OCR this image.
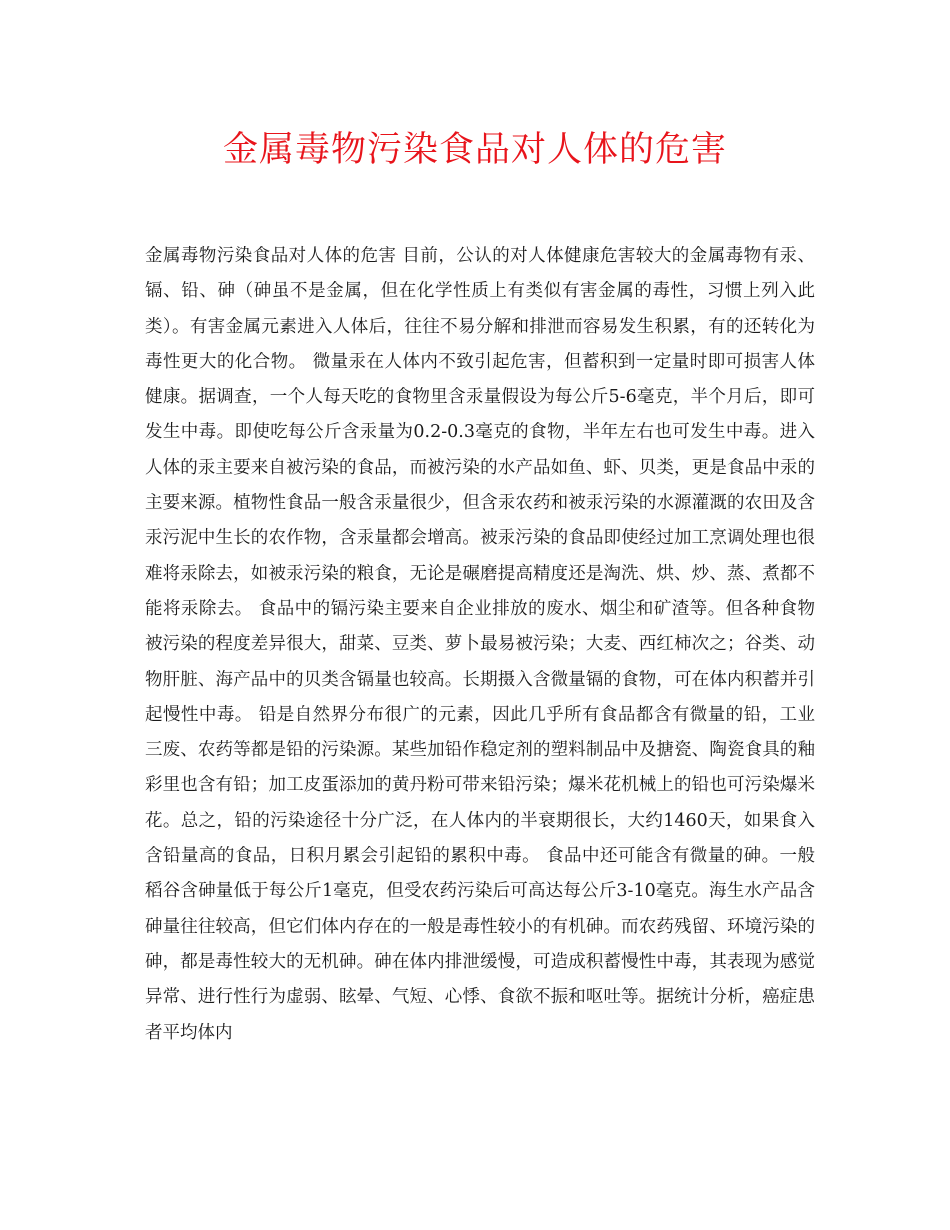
金属毒物污染食品对人体的危害

金属毒物污染食品对人体的危害 目前，公认的对人体健康危害较大的金属毒物有汞、镉、铅、砷（砷虽不是金属，但在化学性质上有类似有害金属的毒性，习惯上列入此类）。有害金属元素进入人体后，往往不易分解和排泄而容易发生积累，有的还转化为毒性更大的化合物。 微量汞在人体内不致引起危害，但蓄积到一定量时即可损害人体健康。据调查，一个人每天吃的食物里含汞量假设为每公斤5-6毫克，半个月后，即可发生中毒。即使吃每公斤含汞量为0.2-0.3毫克的食物，半年左右也可发生中毒。进入人体的汞主要来自被污染的食品，而被污染的水产品如鱼、虾、贝类，更是食品中汞的主要来源。植物性食品一般含汞量很少，但含汞农药和被汞污染的水源灌溉的农田及含汞污泥中生长的农作物，含汞量都会增高。被汞污染的食品即使经过加工烹调处理也很难将汞除去，如被汞污染的粮食，无论是碾磨提高精度还是淘洗、烘、炒、蒸、煮都不能将汞除去。 食品中的镉污染主要来自企业排放的废水、烟尘和矿渣等。但各种食物被污染的程度差异很大，甜菜、豆类、萝卜最易被污染；大麦、西红柿次之；谷类、动物肝脏、海产品中的贝类含镉量也较高。长期摄入含微量镉的食物，可在体内积蓄并引起慢性中毒。 铅是自然界分布很广的元素，因此几乎所有食品都含有微量的铅，工业三废、农药等都是铅的污染源。某些加铅作稳定剂的塑料制品中及搪瓷、陶瓷食具的釉彩里也含有铅；加工皮蛋添加的黄丹粉可带来铅污染；爆米花机械上的铅也可污染爆米花。总之，铅的污染途径十分广泛，在人体内的半衰期很长，大约1460天，如果食入含铅量高的食品，日积月累会引起铅的累积中毒。 食品中还可能含有微量的砷。一般稻谷含砷量低于每公斤1毫克，但受农药污染后可高达每公斤3-10毫克。海生水产品含砷量往往较高，但它们体内存在的一般是毒性较小的有机砷。而农药残留、环境污染的砷，都是毒性较大的无机砷。砷在体内排泄缓慢，可造成积蓄慢性中毒，其表现为感觉异常、进行性行为虚弱、眩晕、气短、心悸、食欲不振和呕吐等。据统计分析，癌症患者平均体内
